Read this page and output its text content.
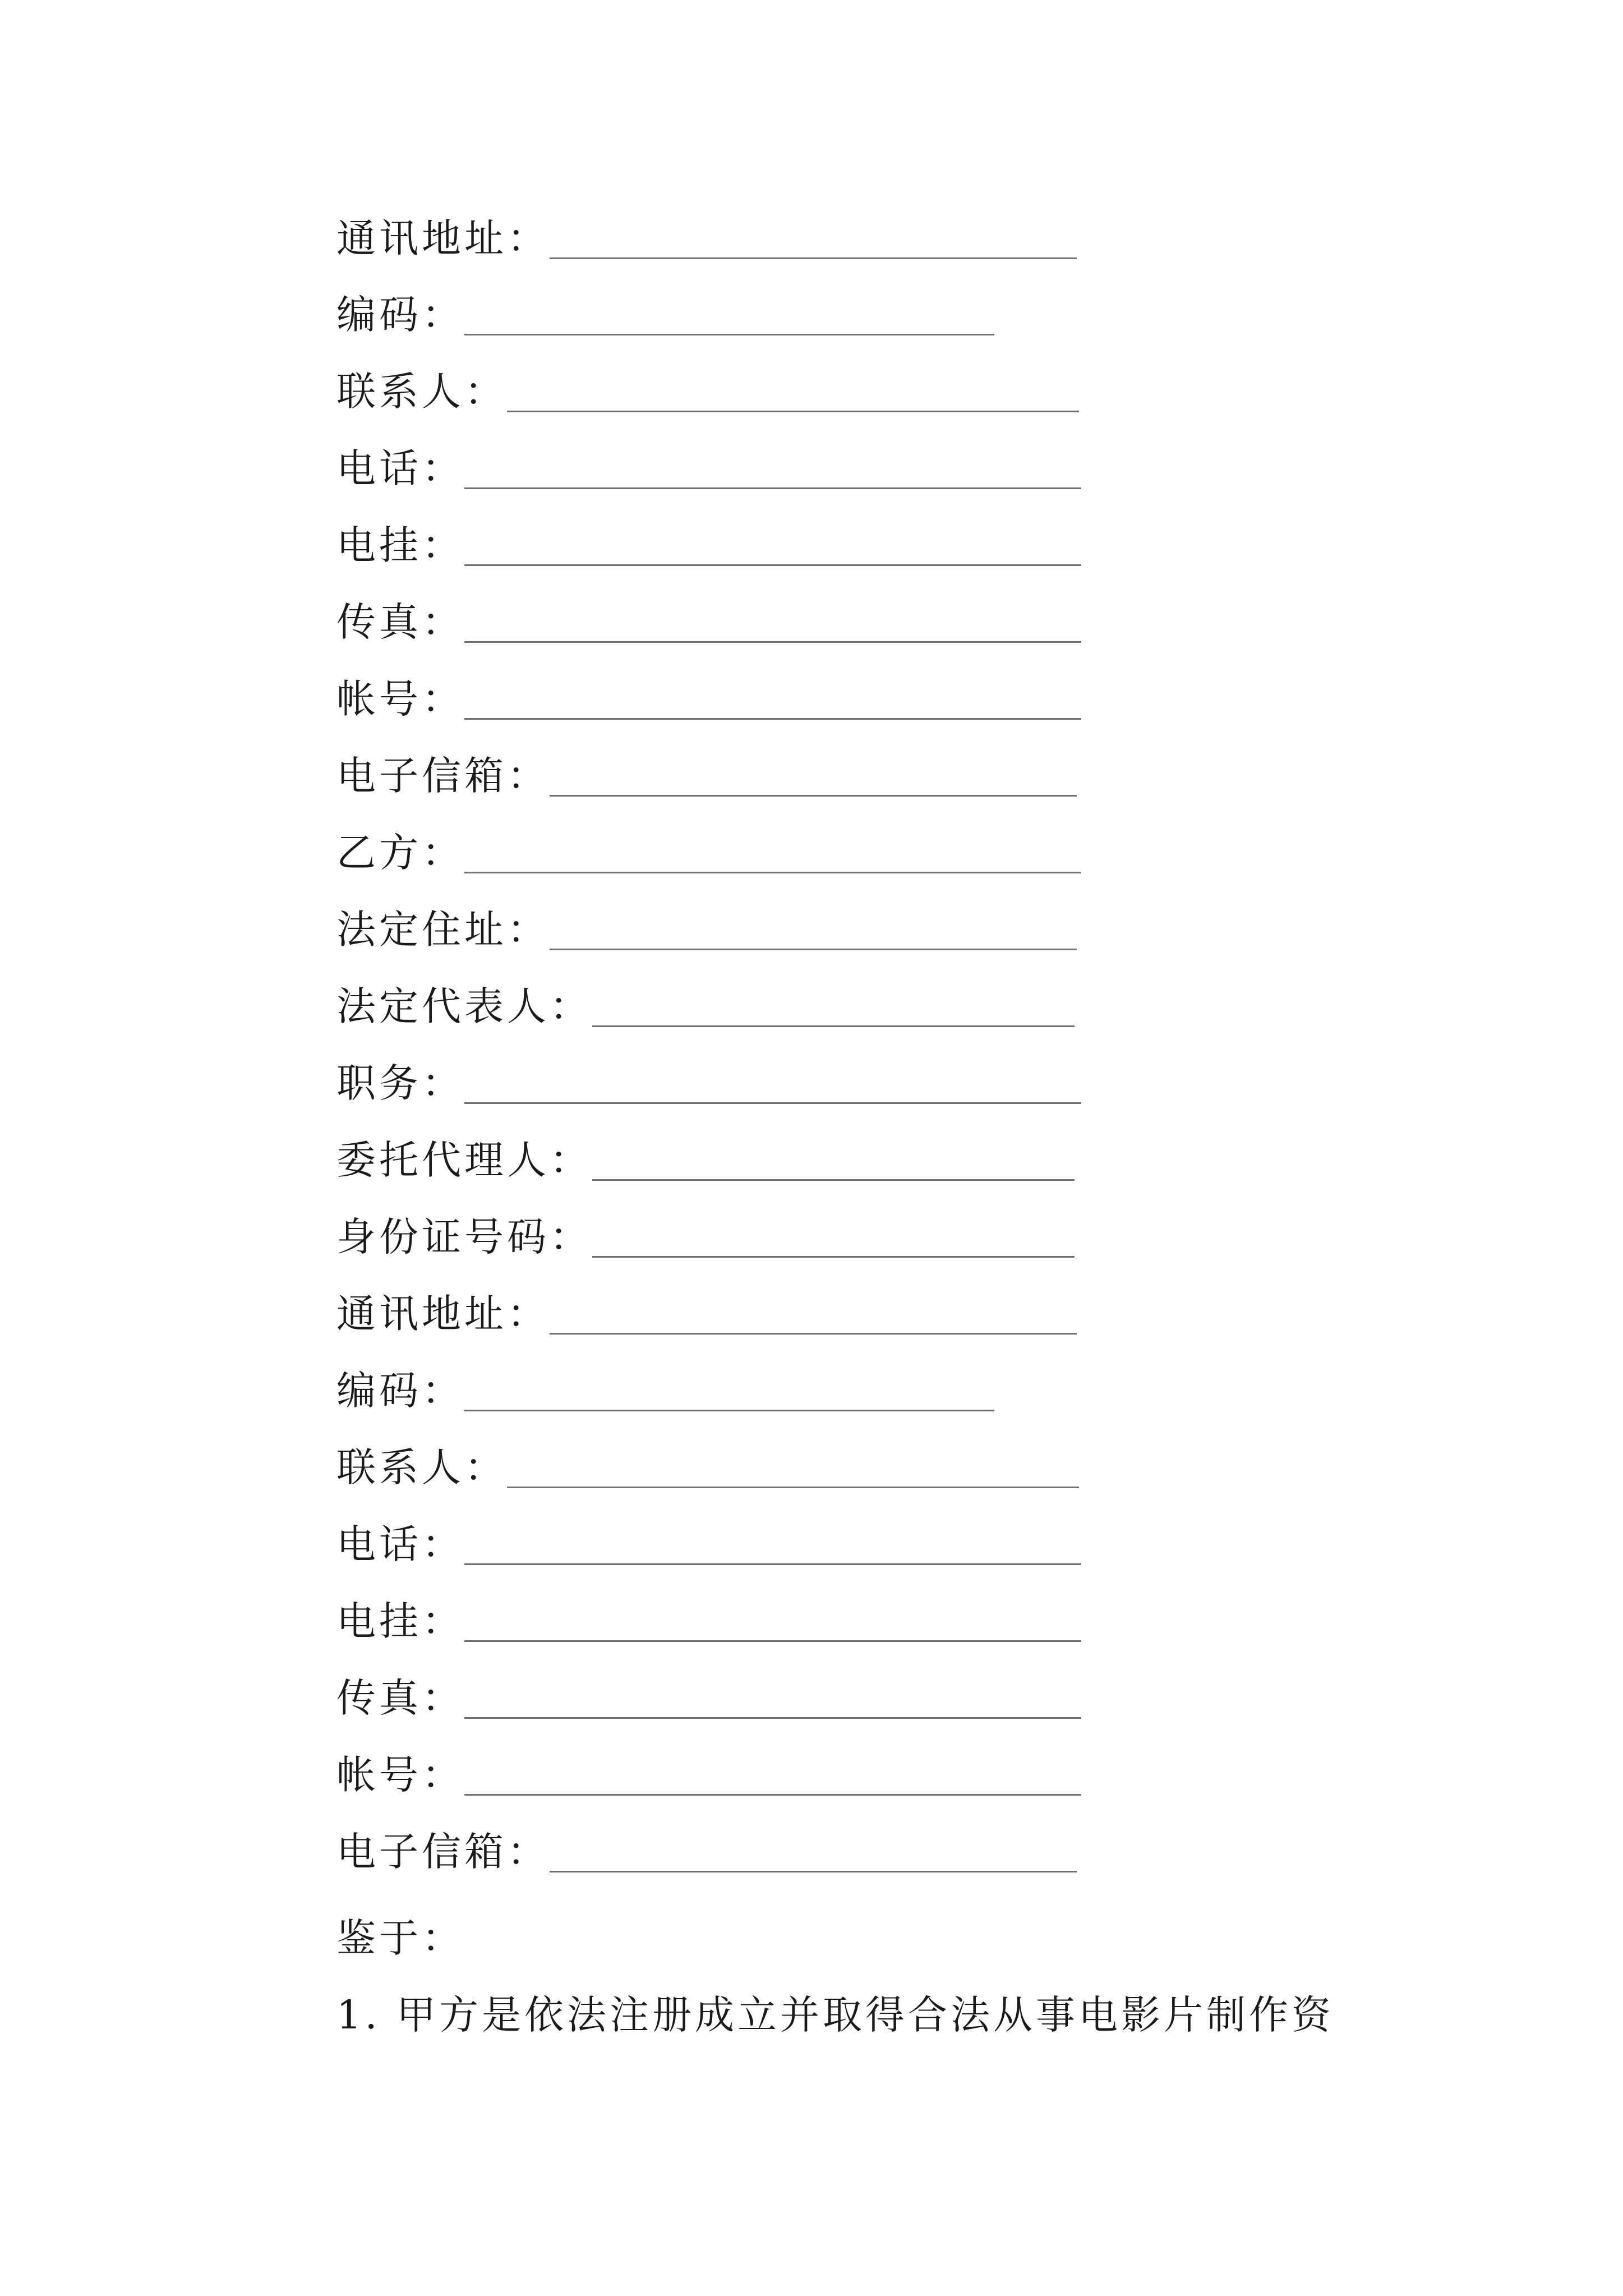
通讯地址：
编码：
联系人：
电话：
电挂：
传真：
帐号：
电子信箱：
乙方：
法定住址：
法定代表人：
职务：
委托代理人：
身份证号码：
通讯地址：
编码：
联系人：
电话：
电挂：
传真：
帐号：
电子信箱：
鉴于：
1. 甲方是依法注册成立并取得合法从事电影片制作资
